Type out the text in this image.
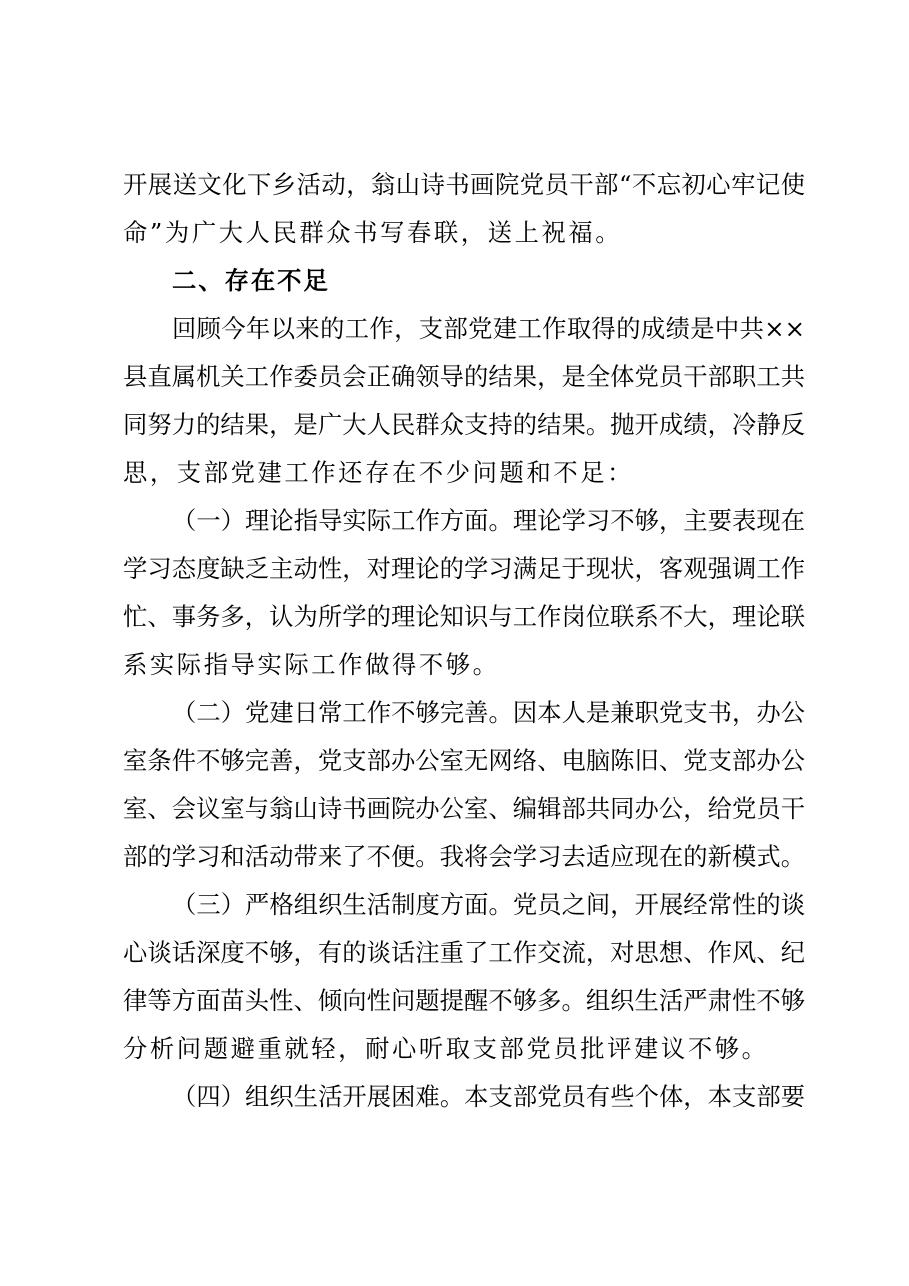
开展送文化下乡活动，翁山诗书画院党员干部“不忘初心牢记使
命”为广大人民群众书写春联，送上祝福。
二、存在不足
回顾今年以来的工作，支部党建工作取得的成绩是中共××
县直属机关工作委员会正确领导的结果，是全体党员干部职工共
同努力的结果，是广大人民群众支持的结果。抛开成绩，冷静反
思，支部党建工作还存在不少问题和不足：
（一）理论指导实际工作方面。理论学习不够，主要表现在
学习态度缺乏主动性，对理论的学习满足于现状，客观强调工作
忙、事务多，认为所学的理论知识与工作岗位联系不大，理论联
系实际指导实际工作做得不够。
（二）党建日常工作不够完善。因本人是兼职党支书，办公
室条件不够完善，党支部办公室无网络、电脑陈旧、党支部办公
室、会议室与翁山诗书画院办公室、编辑部共同办公，给党员干
部的学习和活动带来了不便。我将会学习去适应现在的新模式。
（三）严格组织生活制度方面。党员之间，开展经常性的谈
心谈话深度不够，有的谈话注重了工作交流，对思想、作风、纪
律等方面苗头性、倾向性问题提醒不够多。组织生活严肃性不够
分析问题避重就轻，耐心听取支部党员批评建议不够。
（四）组织生活开展困难。本支部党员有些个体，本支部要
